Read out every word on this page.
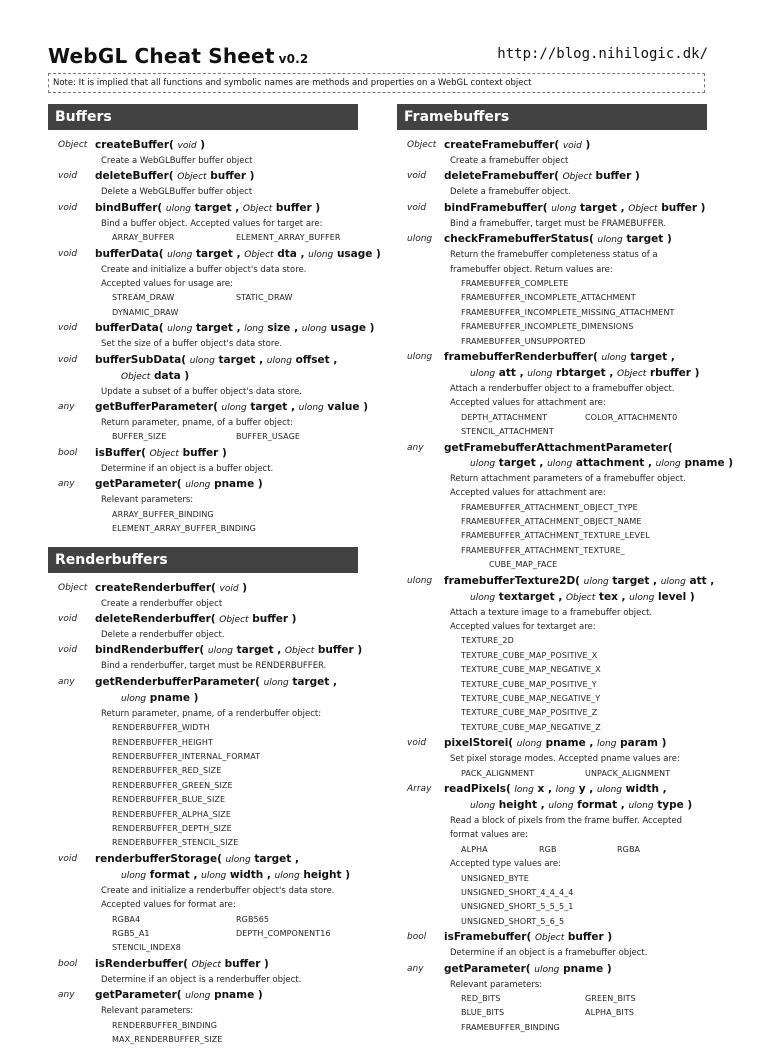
WebGL Cheat Sheet v0.2	http://blog.nihilogic.dk/
Note: It is implied that all functions and symbolic names are methods and properties on a WebGL context object
Buffers
Object createBuffer( void )
Create a WebGLBuffer buffer object
void deleteBuffer( Object buffer )
Delete a WebGLBuffer buffer object
void bindBuffer( ulong target , Object buffer )
Bind a buffer object. Accepted values for target are:
ARRAY_BUFFER	ELEMENT_ARRAY_BUFFER
void bufferData( ulong target , Object dta , ulong usage )
Create and initialize a buffer object's data store.
Accepted values for usage are:
STREAM_DRAW	STATIC_DRAW
DYNAMIC_DRAW
void bufferData( ulong target , long size , ulong usage )
Set the size of a buffer object's data store.
void bufferSubData( ulong target , ulong offset ,
Object data )
Update a subset of a buffer object's data store.
any getBufferParameter( ulong target , ulong value )
Return parameter, pname, of a buffer object:
BUFFER_SIZE	BUFFER_USAGE
bool isBuffer( Object buffer )
Determine if an object is a buffer object.
any getParameter( ulong pname )
Relevant parameters:
ARRAY_BUFFER_BINDING
ELEMENT_ARRAY_BUFFER_BINDING
Renderbuffers
Object createRenderbuffer( void )
Create a renderbuffer object
void deleteRenderbuffer( Object buffer )
Delete a renderbuffer object.
void bindRenderbuffer( ulong target , Object buffer )
Bind a renderbuffer, target must be RENDERBUFFER.
any getRenderbufferParameter( ulong target ,
ulong pname )
Return parameter, pname, of a renderbuffer object:
RENDERBUFFER_WIDTH
RENDERBUFFER_HEIGHT
RENDERBUFFER_INTERNAL_FORMAT
RENDERBUFFER_RED_SIZE
RENDERBUFFER_GREEN_SIZE
RENDERBUFFER_BLUE_SIZE
RENDERBUFFER_ALPHA_SIZE
RENDERBUFFER_DEPTH_SIZE
RENDERBUFFER_STENCIL_SIZE
void renderbufferStorage( ulong target ,
ulong format , ulong width , ulong height )
Create and initialize a renderbuffer object's data store.
Accepted values for format are:
RGBA4	RGB565
RGB5_A1	DEPTH_COMPONENT16
STENCIL_INDEX8
bool isRenderbuffer( Object buffer )
Determine if an object is a renderbuffer object.
any getParameter( ulong pname )
Relevant parameters:
RENDERBUFFER_BINDING
MAX_RENDERBUFFER_SIZE
Framebuffers
Object createFramebuffer( void )
Create a framebuffer object
void deleteFramebuffer( Object buffer )
Delete a framebuffer object.
void bindFramebuffer( ulong target , Object buffer )
Bind a framebuffer, target must be FRAMEBUFFER.
ulong checkFramebufferStatus( ulong target )
Return the framebuffer completeness status of a
framebuffer object. Return values are:
FRAMEBUFFER_COMPLETE
FRAMEBUFFER_INCOMPLETE_ATTACHMENT
FRAMEBUFFER_INCOMPLETE_MISSING_ATTACHMENT
FRAMEBUFFER_INCOMPLETE_DIMENSIONS
FRAMEBUFFER_UNSUPPORTED
ulong framebufferRenderbuffer( ulong target ,
ulong att , ulong rbtarget , Object rbuffer )
Attach a renderbuffer object to a framebuffer object.
Accepted values for attachment are:
DEPTH_ATTACHMENT	COLOR_ATTACHMENT0
STENCIL_ATTACHMENT
any getFramebufferAttachmentParameter(
ulong target , ulong attachment , ulong pname )
Return attachment parameters of a framebuffer object.
Accepted values for attachment are:
FRAMEBUFFER_ATTACHMENT_OBJECT_TYPE
FRAMEBUFFER_ATTACHMENT_OBJECT_NAME
FRAMEBUFFER_ATTACHMENT_TEXTURE_LEVEL
FRAMEBUFFER_ATTACHMENT_TEXTURE_
CUBE_MAP_FACE
ulong framebufferTexture2D( ulong target , ulong att ,
ulong textarget , Object tex , ulong level )
Attach a texture image to a framebuffer object.
Accepted values for textarget are:
TEXTURE_2D
TEXTURE_CUBE_MAP_POSITIVE_X
TEXTURE_CUBE_MAP_NEGATIVE_X
TEXTURE_CUBE_MAP_POSITIVE_Y
TEXTURE_CUBE_MAP_NEGATIVE_Y
TEXTURE_CUBE_MAP_POSITIVE_Z
TEXTURE_CUBE_MAP_NEGATIVE_Z
void pixelStorei( ulong pname , long param )
Set pixel storage modes. Accepted pname values are:
PACK_ALIGNMENT	UNPACK_ALIGNMENT
Array readPixels( long x , long y , ulong width ,
ulong height , ulong format , ulong type )
Read a block of pixels from the frame buffer. Accepted
format values are:
ALPHA	RGB	RGBA
Accepted type values are:
UNSIGNED_BYTE
UNSIGNED_SHORT_4_4_4_4
UNSIGNED_SHORT_5_5_5_1
UNSIGNED_SHORT_5_6_5
bool isFramebuffer( Object buffer )
Determine if an object is a framebuffer object.
any getParameter( ulong pname )
Relevant parameters:
RED_BITS	GREEN_BITS
BLUE_BITS	ALPHA_BITS
FRAMEBUFFER_BINDING
